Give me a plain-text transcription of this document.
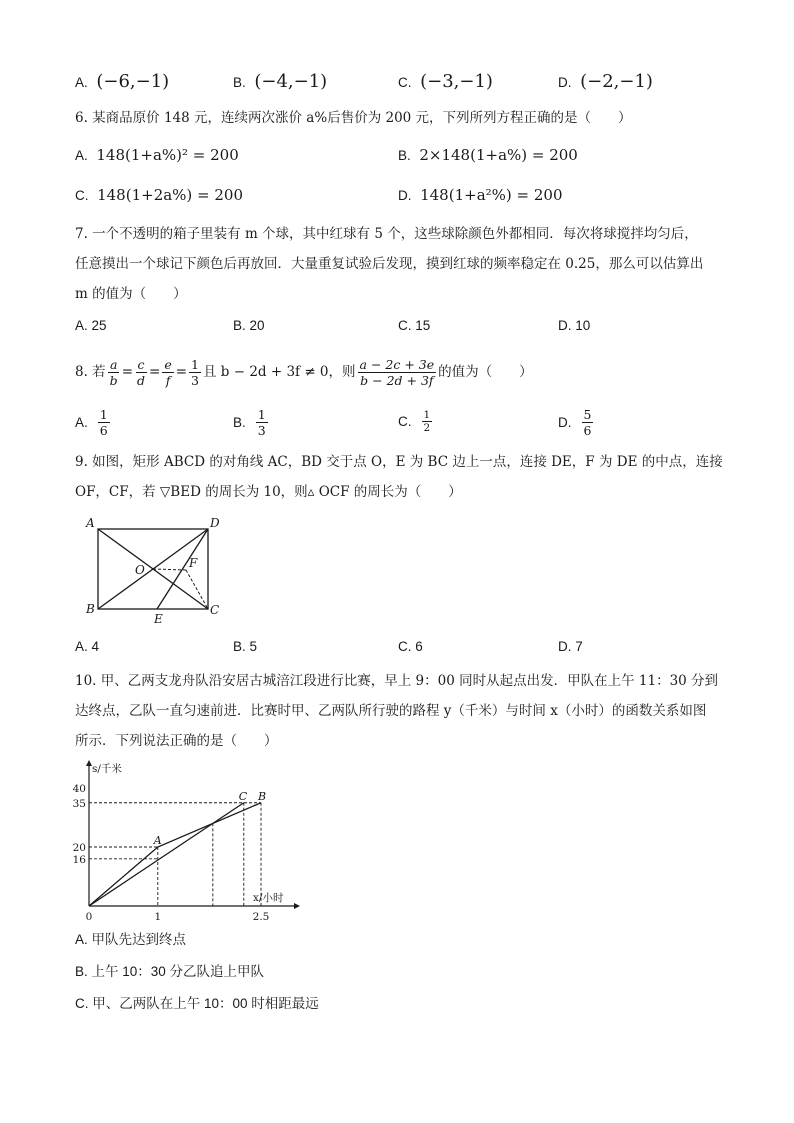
A. (−6,−1)	B. (−4,−1)	C. (−3,−1)	D. (−2,−1)
6. 某商品原价 148 元，连续两次涨价 a%后售价为 200 元，下列所列方程正确的是（　　）
A. 148(1+a%)² = 200	B. 2×148(1+a%) = 200
C. 148(1+2a%) = 200	D. 148(1+a²%) = 200
7. 一个不透明的箱子里装有 m 个球，其中红球有 5 个，这些球除颜色外都相同．每次将球搅拌均匀后，
任意摸出一个球记下颜色后再放回．大量重复试验后发现，摸到红球的频率稳定在 0.25，那么可以估算出
m 的值为（　　）
A. 25	B. 20	C. 15	D. 10
8. 若 $\frac{a}{b} = \frac{c}{d} = \frac{e}{f} = \frac{1}{3}$ 且 b − 2d + 3f ≠ 0，则 $\frac{a - 2c + 3e}{b - 2d + 3f}$ 的值为（　　）
A. $\frac{1}{6}$	B. $\frac{1}{3}$	C. $\frac{1}{2}$	D. $\frac{5}{6}$
9. 如图，矩形 ABCD 的对角线 AC，BD 交于点 O，E 为 BC 边上一点，连接 DE，F 为 DE 的中点，连接
OF，CF，若 ▽BED 的周长为 10，则▵ OCF 的周长为（　　）
A	D
B	C
O	F
E
A. 4	B. 5	C. 6	D. 7
10. 甲、乙两支龙舟队沿安居古城涪江段进行比赛，早上 9：00 同时从起点出发．甲队在上午 11：30 分到
达终点，乙队一直匀速前进．比赛时甲、乙两队所行驶的路程 y（千米）与时间 x（小时）的函数关系如图
所示．下列说法正确的是（　　）
40
35
20
16
0	1	2.5
s/千米
x/小时
A
C B
A. 甲队先达到终点
B. 上午 10：30 分乙队追上甲队
C. 甲、乙两队在上午 10：00 时相距最远
